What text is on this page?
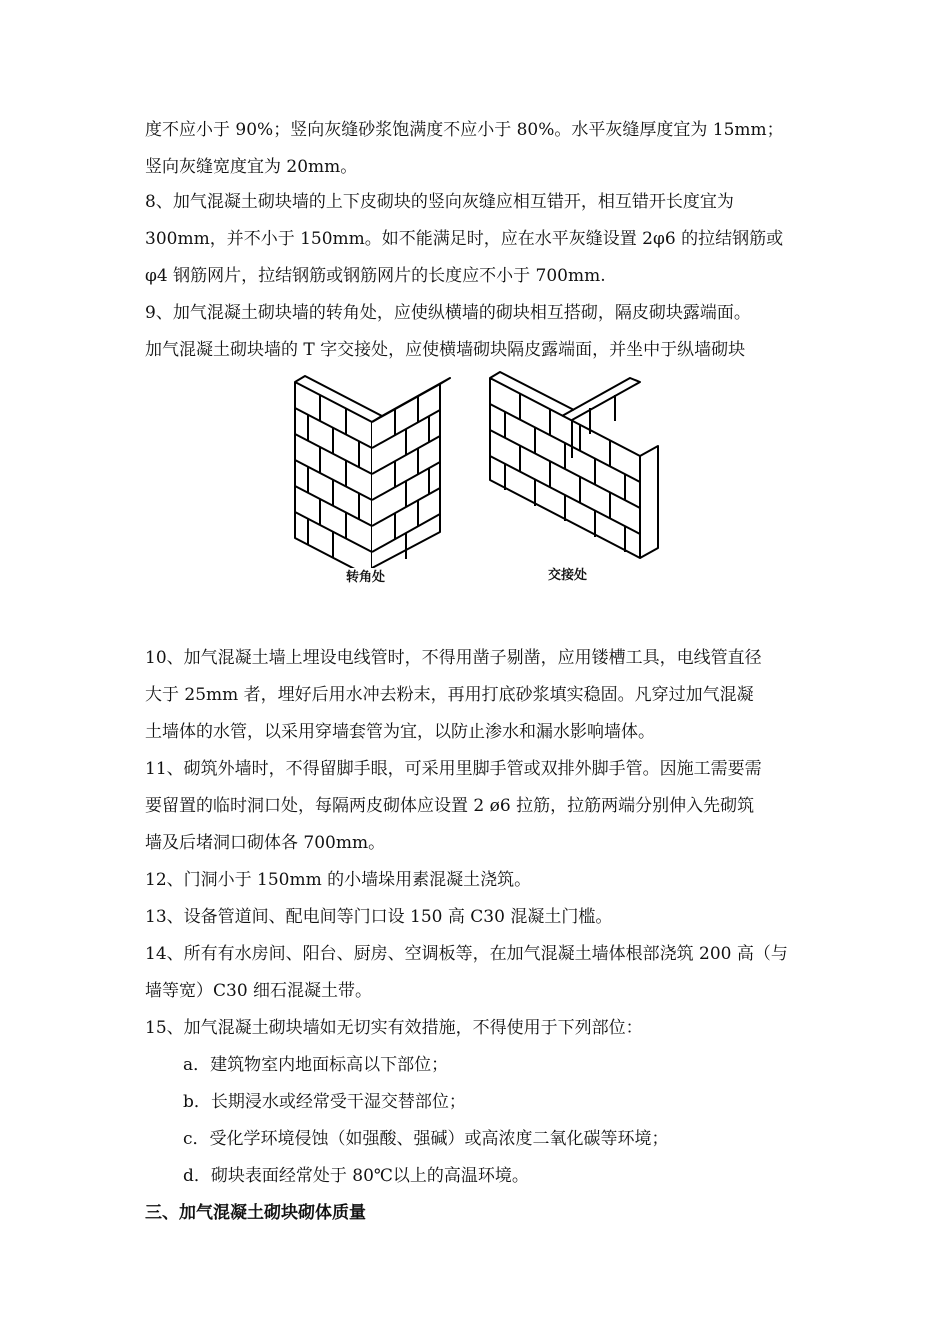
度不应小于 90%；竖向灰缝砂浆饱满度不应小于 80%。水平灰缝厚度宜为 15mm；
竖向灰缝宽度宜为 20mm。

8、加气混凝土砌块墙的上下皮砌块的竖向灰缝应相互错开，相互错开长度宜为
300mm，并不小于 150mm。如不能满足时，应在水平灰缝设置 2φ6 的拉结钢筋或
φ4 钢筋网片，拉结钢筋或钢筋网片的长度应不小于 700mm.

9、加气混凝土砌块墙的转角处，应使纵横墙的砌块相互搭砌，隔皮砌块露端面。
加气混凝土砌块墙的 T 字交接处，应使横墙砌块隔皮露端面，并坐中于纵墙砌块

转角处	交接处

10、加气混凝土墙上埋设电线管时，不得用凿子剔凿，应用镂槽工具，电线管直径
大于 25mm 者，埋好后用水冲去粉末，再用打底砂浆填实稳固。凡穿过加气混凝
土墙体的水管，以采用穿墙套管为宜，以防止渗水和漏水影响墙体。

11、砌筑外墙时，不得留脚手眼，可采用里脚手管或双排外脚手管。因施工需要需
要留置的临时洞口处，每隔两皮砌体应设置 2 ø6 拉筋，拉筋两端分别伸入先砌筑
墙及后堵洞口砌体各 700mm。

12、门洞小于 150mm 的小墙垛用素混凝土浇筑。

13、设备管道间、配电间等门口设 150 高 C30 混凝土门槛。

14、所有有水房间、阳台、厨房、空调板等，在加气混凝土墙体根部浇筑 200 高（与
墙等宽）C30 细石混凝土带。

15、加气混凝土砌块墙如无切实有效措施，不得使用于下列部位：

a．建筑物室内地面标高以下部位；

b．长期浸水或经常受干湿交替部位；

c．受化学环境侵蚀（如强酸、强碱）或高浓度二氧化碳等环境；

d．砌块表面经常处于 80℃以上的高温环境。

三、加气混凝土砌块砌体质量
